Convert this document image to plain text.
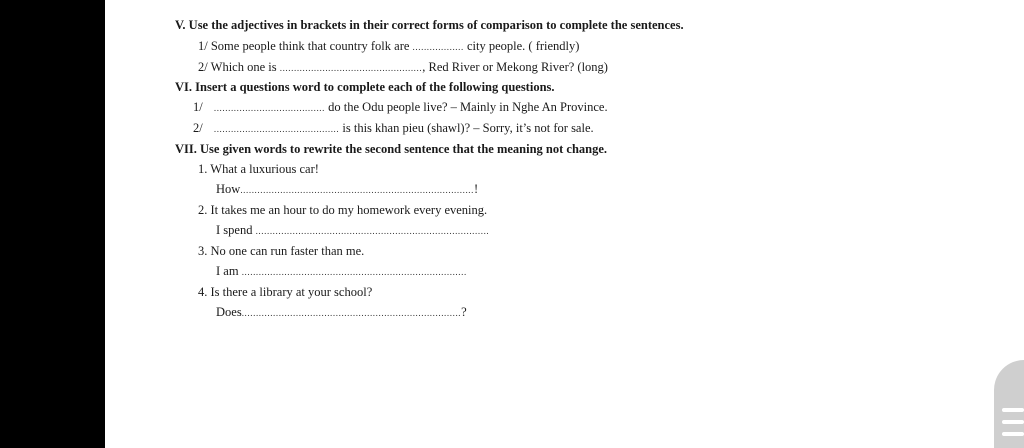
V. Use the adjectives in brackets in their correct forms of comparison to complete the sentences.
1/ Some people think that country folk are .................. city people. ( friendly)
2/ Which one is .................................................., Red River or Mekong River? (long)
VI. Insert a questions word to complete each of the following questions.
1/ ....................................... do the Odu people live? – Mainly in Nghe An Province.
2/ ............................................ is this khan pieu (shawl)? – Sorry, it’s not for sale.
VII. Use given words to rewrite the second sentence that the meaning not change.
1. What a luxurious car!
How..................................................................................!
2. It takes me an hour to do my homework every evening.
I spend ..................................................................................
3. No one can run faster than me.
I am ...............................................................................
4. Is there a library at your school?
Does.............................................................................?
